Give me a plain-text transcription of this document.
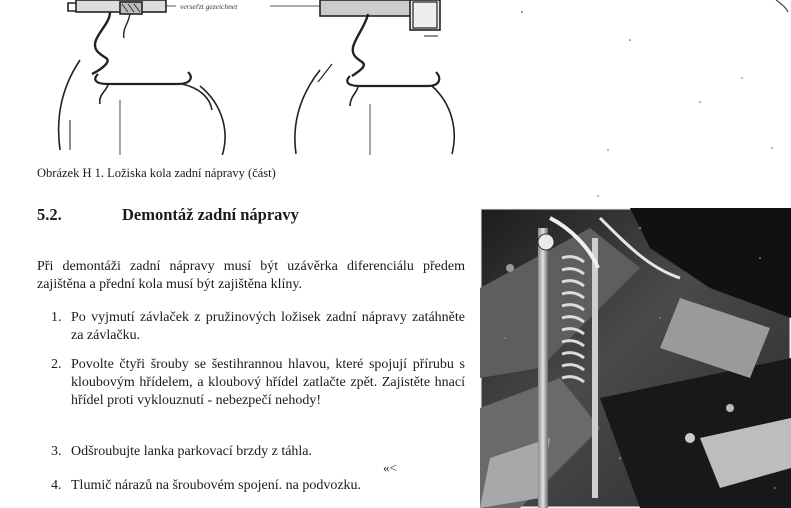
verseřzt gezeichnet
Obrázek H 1. Ložiska kola zadní nápravy (část)
5.2.	Demontáž zadní nápravy

Při demontáži zadní nápravy musí být uzávěrka diferenciálu předem zajištěna a přední kola musí být zajištěna klíny.

1. Po vyjmutí závlaček z pružinových ložisek zadní nápravy zatáhněte za závlačku.
2. Povolte čtyři šrouby se šestihrannou hlavou, které spojují přírubu s kloubovým hřídelem, a kloubový hřídel zatlačte zpět. Zajistěte hnací hřídel proti vyklouznutí - nebezpečí nehody!
3. Odšroubujte lanka parkovací brzdy z táhla.
4. Tlumič nárazů na šroubovém spojení. na podvozku.
«<
